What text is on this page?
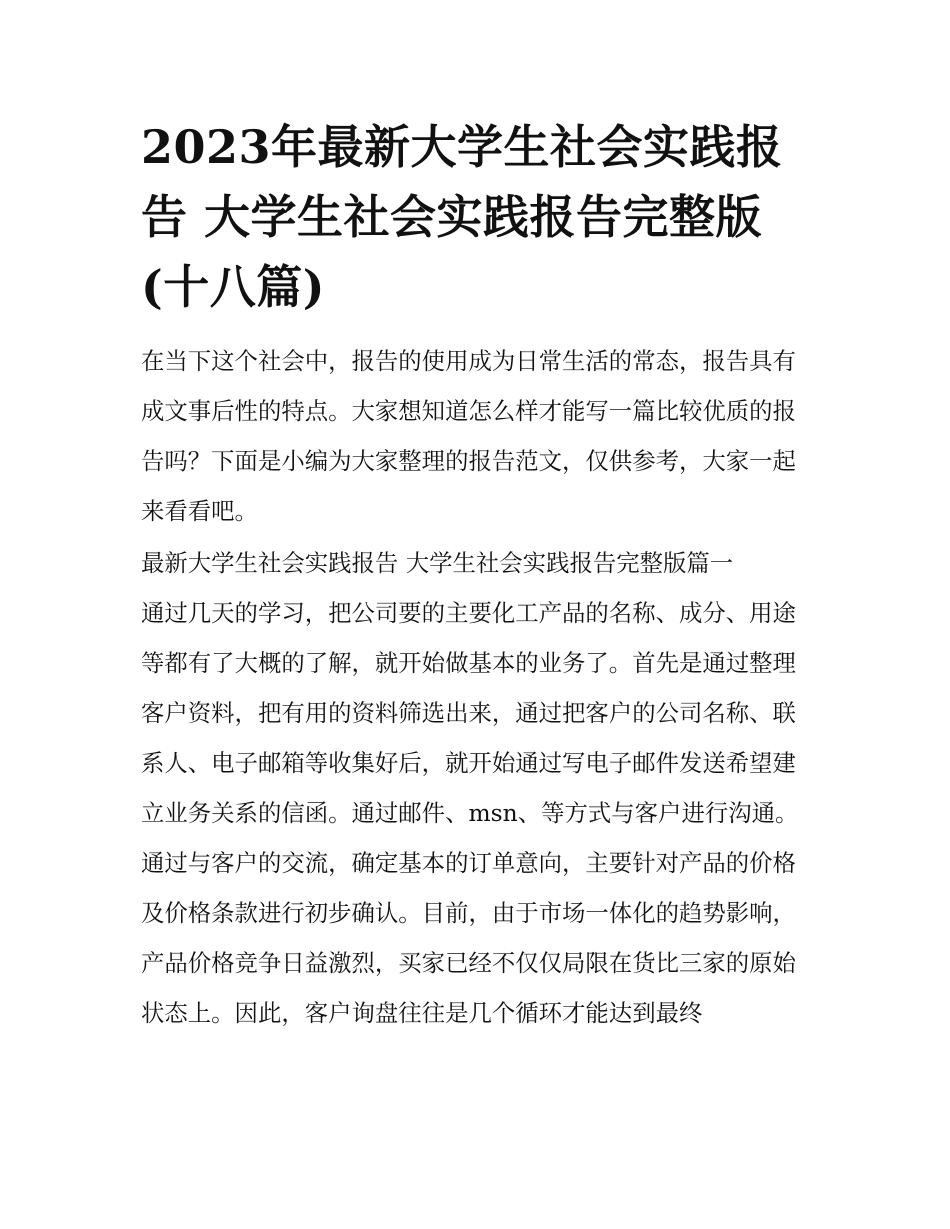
2023年最新大学生社会实践报告 大学生社会实践报告完整版(十八篇)

在当下这个社会中，报告的使用成为日常生活的常态，报告具有成文事后性的特点。大家想知道怎么样才能写一篇比较优质的报告吗？下面是小编为大家整理的报告范文，仅供参考，大家一起来看看吧。

最新大学生社会实践报告 大学生社会实践报告完整版篇一

通过几天的学习，把公司要的主要化工产品的名称、成分、用途等都有了大概的了解，就开始做基本的业务了。首先是通过整理客户资料，把有用的资料筛选出来，通过把客户的公司名称、联系人、电子邮箱等收集好后，就开始通过写电子邮件发送希望建立业务关系的信函。通过邮件、msn、等方式与客户进行沟通。

通过与客户的交流，确定基本的订单意向，主要针对产品的价格及价格条款进行初步确认。目前，由于市场一体化的趋势影响，产品价格竞争日益激烈，买家已经不仅仅局限在货比三家的原始状态上。因此，客户询盘往往是几个循环才能达到最终
